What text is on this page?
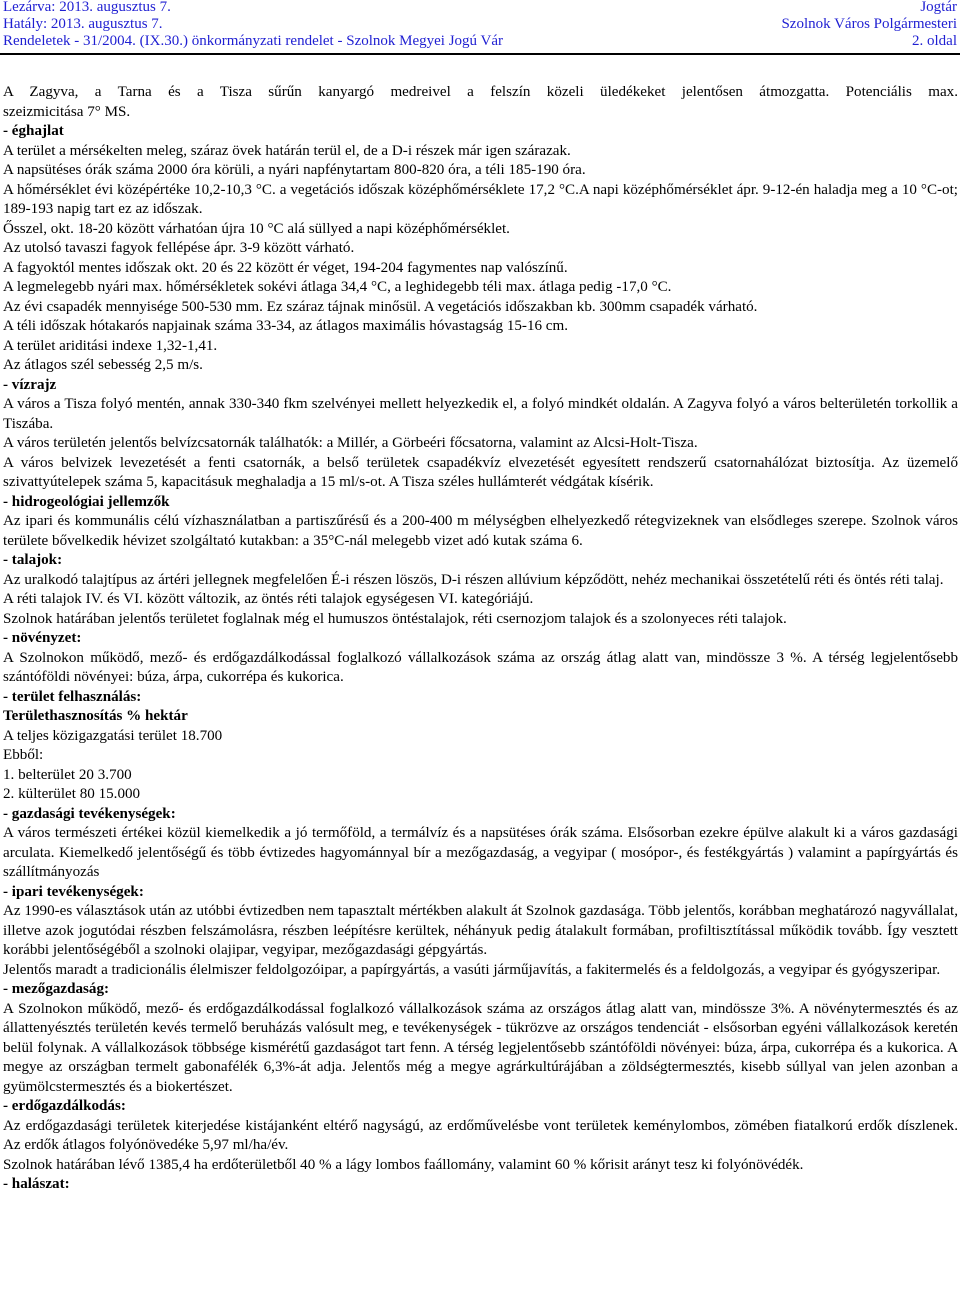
Lezárva: 2013. augusztus 7.
Hatály: 2013. augusztus 7.
Rendeletek - 31/2004. (IX.30.) önkormányzati rendelet - Szolnok Megyei Jogú Vár
Jogtár
Szolnok Város Polgármesteri
2. oldal

A Zagyva, a Tarna és a Tisza sűrűn kanyargó medreivel a felszín közeli üledékeket jelentősen átmozgatta. Potenciális max.

szeizmicitása 7° MS.

- éghajlat

A terület a mérsékelten meleg, száraz övek határán terül el, de a D-i részek már igen szárazak.

A napsütéses órák száma 2000 óra körüli, a nyári napfénytartam 800-820 óra, a téli 185-190 óra.

A hőmérséklet évi középértéke 10,2-10,3 °C. a vegetációs időszak középhőmérséklete 17,2 °C.A napi középhőmérséklet ápr. 9-12-én haladja meg a 10 °C-ot; 189-193 napig tart ez az időszak.

Ősszel, okt. 18-20 között várhatóan újra 10 °C alá süllyed a napi középhőmérséklet.

Az utolsó tavaszi fagyok fellépése ápr. 3-9 között várható.

A fagyoktól mentes időszak okt. 20 és 22 között ér véget, 194-204 fagymentes nap valószínű.

A legmelegebb nyári max. hőmérsékletek sokévi átlaga 34,4 °C, a leghidegebb téli max. átlaga pedig -17,0 °C.

Az évi csapadék mennyisége 500-530 mm. Ez száraz tájnak minősül. A vegetációs időszakban kb. 300mm csapadék várható.

A téli időszak hótakarós napjainak száma 33-34, az átlagos maximális hóvastagság 15-16 cm.

A terület ariditási indexe 1,32-1,41.

Az átlagos szél sebesség 2,5 m/s.

- vízrajz

A város a Tisza folyó mentén, annak 330-340 fkm szelvényei mellett helyezkedik el, a folyó mindkét oldalán. A Zagyva folyó a város belterületén torkollik a Tiszába.

A város területén jelentős belvízcsatornák találhatók: a Millér, a Görbeéri főcsatorna, valamint az Alcsi-Holt-Tisza.

A város belvizek levezetését a fenti csatornák, a belső területek csapadékvíz elvezetését egyesített rendszerű csatornahálózat biztosítja. Az üzemelő szivattyútelepek száma 5, kapacitásuk meghaladja a 15 ml/s-ot. A Tisza széles hullámterét védgátak kísérik.

- hidrogeológiai jellemzők

Az ipari és kommunális célú vízhasználatban a partiszűrésű és a 200-400 m mélységben elhelyezkedő rétegvizeknek van elsődleges szerepe. Szolnok város területe bővelkedik hévizet szolgáltató kutakban: a 35°C-nál melegebb vizet adó kutak száma 6.

- talajok:

Az uralkodó talajtípus az ártéri jellegnek megfelelően É-i részen löszös, D-i részen allúvium képződött, nehéz mechanikai összetételű réti és öntés réti talaj.

A réti talajok IV. és VI. között változik, az öntés réti talajok egységesen VI. kategóriájú.

Szolnok határában jelentős területet foglalnak még el humuszos öntéstalajok, réti csernozjom talajok és a szolonyeces réti talajok.

- növényzet:

A Szolnokon működő, mező- és erdőgazdálkodással foglalkozó vállalkozások száma az ország átlag alatt van, mindössze 3 %. A térség legjelentősebb szántóföldi növényei: búza, árpa, cukorrépa és kukorica.

- terület felhasználás:
Területhasznosítás % hektár

A teljes közigazgatási terület 18.700

Ebből:

1. belterület 20 3.700

2. külterület 80 15.000

- gazdasági tevékenységek:

A város természeti értékei közül kiemelkedik a jó termőföld, a termálvíz és a napsütéses órák száma. Elsősorban ezekre épülve alakult ki a város gazdasági arculata. Kiemelkedő jelentőségű és több évtizedes hagyománnyal bír a mezőgazdaság, a vegyipar ( mosópor-, és festékgyártás ) valamint a papírgyártás és szállítmányozás

- ipari tevékenységek:

Az 1990-es választások után az utóbbi évtizedben nem tapasztalt mértékben alakult át Szolnok gazdasága. Több jelentős, korábban meghatározó nagyvállalat, illetve azok jogutódai részben felszámolásra, részben leépítésre kerültek, néhányuk pedig átalakult formában, profiltisztítással működik tovább. Így vesztett korábbi jelentőségéből a szolnoki olajipar, vegyipar, mezőgazdasági gépgyártás.

Jelentős maradt a tradicionális élelmiszer feldolgozóipar, a papírgyártás, a vasúti járműjavítás, a fakitermelés és a feldolgozás, a vegyipar és gyógyszeripar.

- mezőgazdaság:

A Szolnokon működő, mező- és erdőgazdálkodással foglalkozó vállalkozások száma az országos átlag alatt van, mindössze 3%. A növénytermesztés és az állattenyésztés területén kevés termelő beruházás valósult meg, e tevékenységek - tükrözve az országos tendenciát - elsősorban egyéni vállalkozások keretén belül folynak. A vállalkozások többsége kismérétű gazdaságot tart fenn. A térség legjelentősebb szántóföldi növényei: búza, árpa, cukorrépa és a kukorica. A megye az országban termelt gabonafélék 6,3%-át adja. Jelentős még a megye agrárkultúrájában a zöldségtermesztés, kisebb súllyal van jelen azonban a gyümölcstermesztés és a biokertészet.

- erdőgazdálkodás:

Az erdőgazdasági területek kiterjedése kistájanként eltérő nagyságú, az erdőművelésbe vont területek keménylombos, zömében fiatalkorú erdők díszlenek. Az erdők átlagos folyónövedéke 5,97 ml/ha/év.

Szolnok határában lévő 1385,4 ha erdőterületből 40 % a lágy lombos faállomány, valamint 60 % kőrisit arányt tesz ki folyónövédék.

- halászat:
